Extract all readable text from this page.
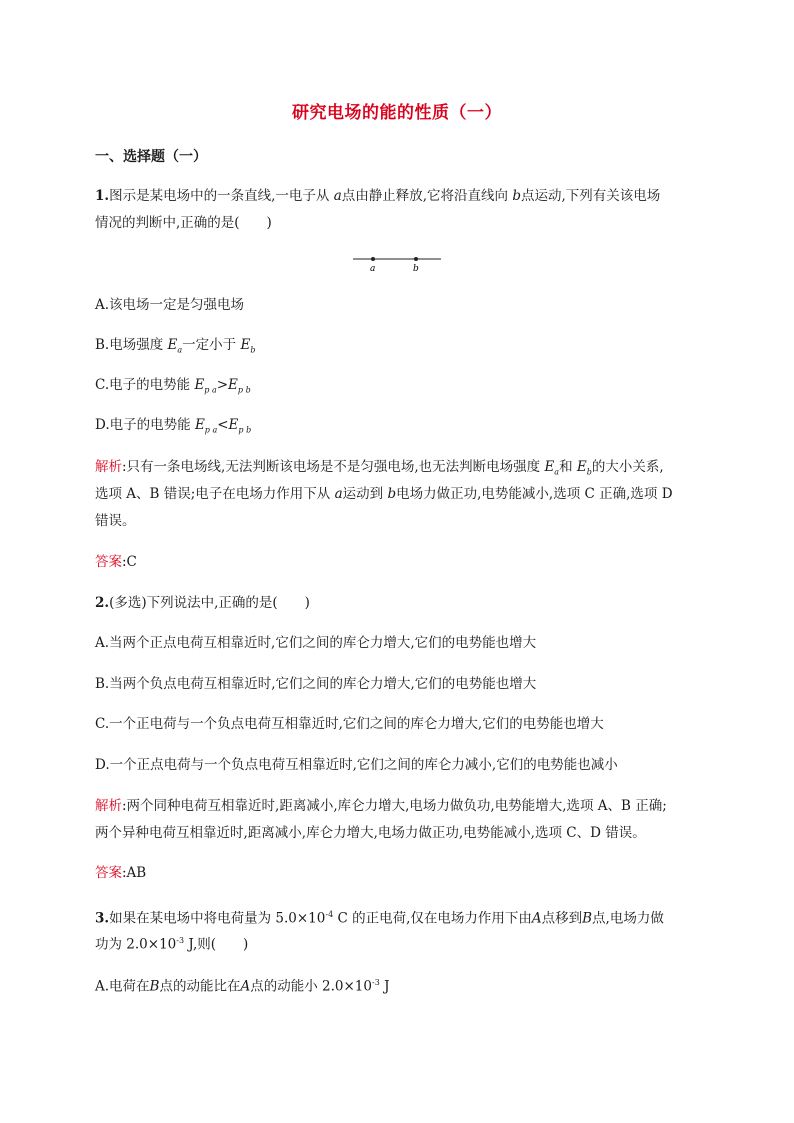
研究电场的能的性质（一）
一、选择题（一）
1.图示是某电场中的一条直线,一电子从 a点由静止释放,它将沿直线向 b点运动,下列有关该电场
情况的判断中,正确的是(　　)
a	b
A.该电场一定是匀强电场
B.电场强度 $E_a$一定小于 $E_b$
C.电子的电势能 $E_{p a}>E_{p b}$
D.电子的电势能 $E_{p a}<E_{p b}$
解析:只有一条电场线,无法判断该电场是不是匀强电场,也无法判断电场强度 $E_a$和 $E_b$的大小关系,
选项 A、B 错误;电子在电场力作用下从 a运动到 b电场力做正功,电势能减小,选项 C 正确,选项 D
错误。
答案:C
2.(多选)下列说法中,正确的是(　　)
A.当两个正点电荷互相靠近时,它们之间的库仑力增大,它们的电势能也增大
B.当两个负点电荷互相靠近时,它们之间的库仑力增大,它们的电势能也增大
C.一个正电荷与一个负点电荷互相靠近时,它们之间的库仑力增大,它们的电势能也增大
D.一个正点电荷与一个负点电荷互相靠近时,它们之间的库仑力减小,它们的电势能也减小
解析:两个同种电荷互相靠近时,距离减小,库仑力增大,电场力做负功,电势能增大,选项 A、B 正确;
两个异种电荷互相靠近时,距离减小,库仑力增大,电场力做正功,电势能减小,选项 C、D 错误。
答案:AB
3.如果在某电场中将电荷量为 $5.0\times 10^{-4}$ C 的正电荷,仅在电场力作用下由A点移到B点,电场力做
功为 $2.0\times 10^{-3}$ J,则(　　)
A.电荷在B点的动能比在A点的动能小 $2.0\times 10^{-3}$ J
